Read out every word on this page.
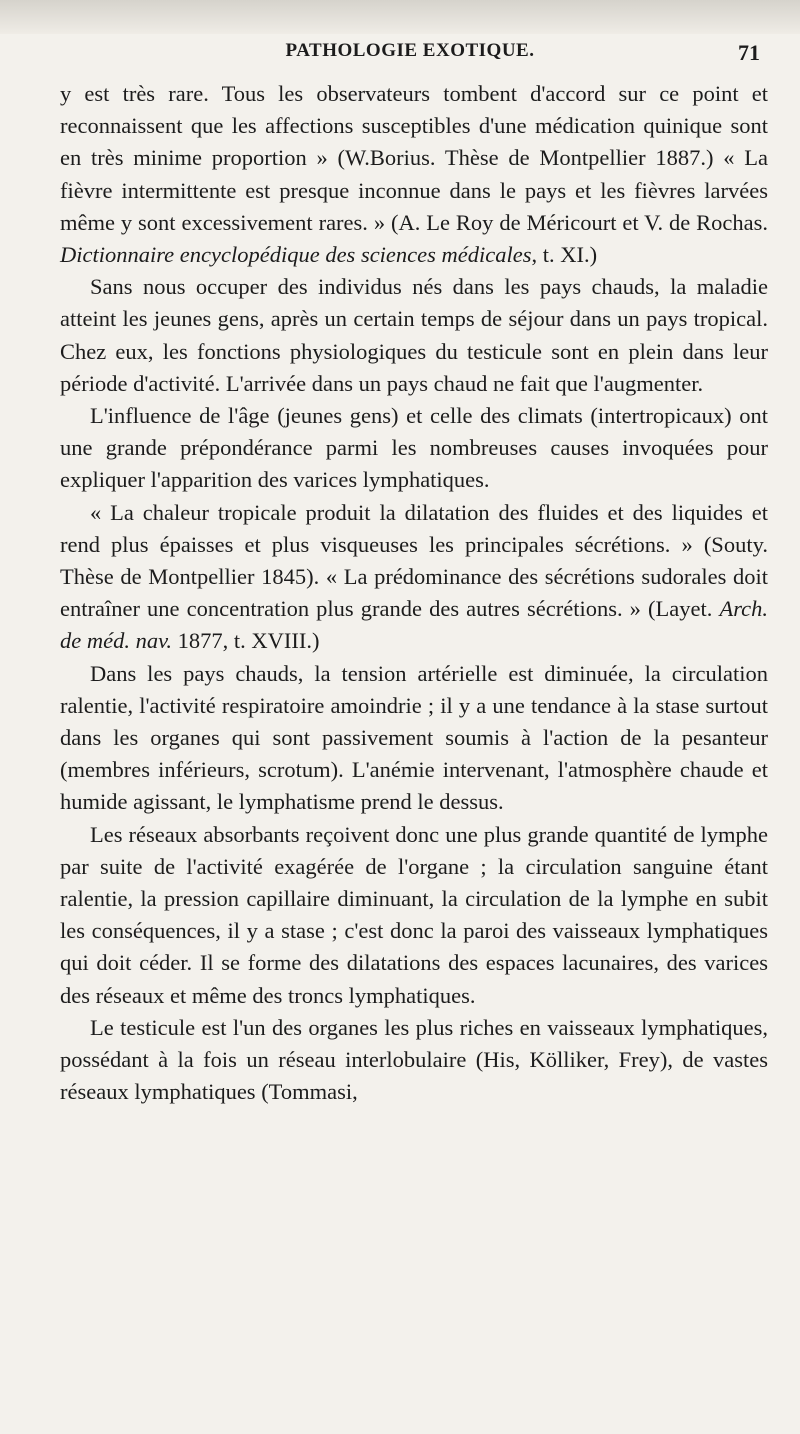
PATHOLOGIE EXOTIQUE.	71

y est très rare. Tous les observateurs tombent d'accord sur ce point et reconnaissent que les affections susceptibles d'une médication quinique sont en très minime proportion » (W.Borius. Thèse de Montpellier 1887.) « La fièvre intermittente est presque inconnue dans le pays et les fièvres larvées même y sont excessivement rares. » (A. Le Roy de Méricourt et V. de Rochas. Dictionnaire encyclopédique des sciences médicales, t. XI.)

Sans nous occuper des individus nés dans les pays chauds, la maladie atteint les jeunes gens, après un certain temps de séjour dans un pays tropical. Chez eux, les fonctions physiologiques du testicule sont en plein dans leur période d'activité. L'arrivée dans un pays chaud ne fait que l'augmenter.

L'influence de l'âge (jeunes gens) et celle des climats (intertropicaux) ont une grande prépondérance parmi les nombreuses causes invoquées pour expliquer l'apparition des varices lymphatiques.

« La chaleur tropicale produit la dilatation des fluides et des liquides et rend plus épaisses et plus visqueuses les principales sécrétions. » (Souty. Thèse de Montpellier 1845). « La prédominance des sécrétions sudorales doit entraîner une concentration plus grande des autres sécrétions. » (Layet. Arch. de méd. nav. 1877, t. XVIII.)

Dans les pays chauds, la tension artérielle est diminuée, la circulation ralentie, l'activité respiratoire amoindrie ; il y a une tendance à la stase surtout dans les organes qui sont passivement soumis à l'action de la pesanteur (membres inférieurs, scrotum). L'anémie intervenant, l'atmosphère chaude et humide agissant, le lymphatisme prend le dessus.

Les réseaux absorbants reçoivent donc une plus grande quantité de lymphe par suite de l'activité exagérée de l'organe ; la circulation sanguine étant ralentie, la pression capillaire diminuant, la circulation de la lymphe en subit les conséquences, il y a stase ; c'est donc la paroi des vaisseaux lymphatiques qui doit céder. Il se forme des dilatations des espaces lacunaires, des varices des réseaux et même des troncs lymphatiques.

Le testicule est l'un des organes les plus riches en vaisseaux lymphatiques, possédant à la fois un réseau interlobulaire (His, Kölliker, Frey), de vastes réseaux lymphatiques (Tommasi,
